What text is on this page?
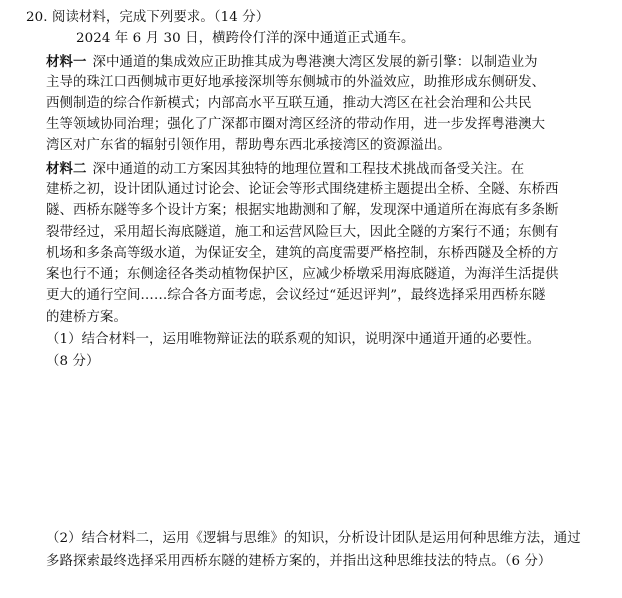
20. 阅读材料，完成下列要求。（14 分）
2024 年 6 月 30 日，横跨伶仃洋的深中通道正式通车。
材料一 深中通道的集成效应正助推其成为粤港澳大湾区发展的新引擎：以制造业为
主导的珠江口西侧城市更好地承接深圳等东侧城市的外溢效应，助推形成东侧研发、
西侧制造的综合作新模式；内部高水平互联互通，推动大湾区在社会治理和公共民
生等领域协同治理；强化了广深都市圈对湾区经济的带动作用，进一步发挥粤港澳大
湾区对广东省的辐射引领作用，帮助粤东西北承接湾区的资源溢出。
材料二 深中通道的动工方案因其独特的地理位置和工程技术挑战而备受关注。在
建桥之初，设计团队通过讨论会、论证会等形式围绕建桥主题提出全桥、全隧、东桥西
隧、西桥东隧等多个设计方案；根据实地勘测和了解，发现深中通道所在海底有多条断
裂带经过，采用超长海底隧道，施工和运营风险巨大，因此全隧的方案行不通；东侧有
机场和多条高等级水道，为保证安全，建筑的高度需要严格控制，东桥西隧及全桥的方
案也行不通；东侧途径各类动植物保护区，应减少桥墩采用海底隧道，为海洋生活提供
更大的通行空间……综合各方面考虑，会议经过“延迟评判”，最终选择采用西桥东隧
的建桥方案。
（1）结合材料一，运用唯物辩证法的联系观的知识，说明深中通道开通的必要性。
（8 分）
（2）结合材料二，运用《逻辑与思维》的知识，分析设计团队是运用何种思维方法，通过
多路探索最终选择采用西桥东隧的建桥方案的，并指出这种思维技法的特点。（6 分）
